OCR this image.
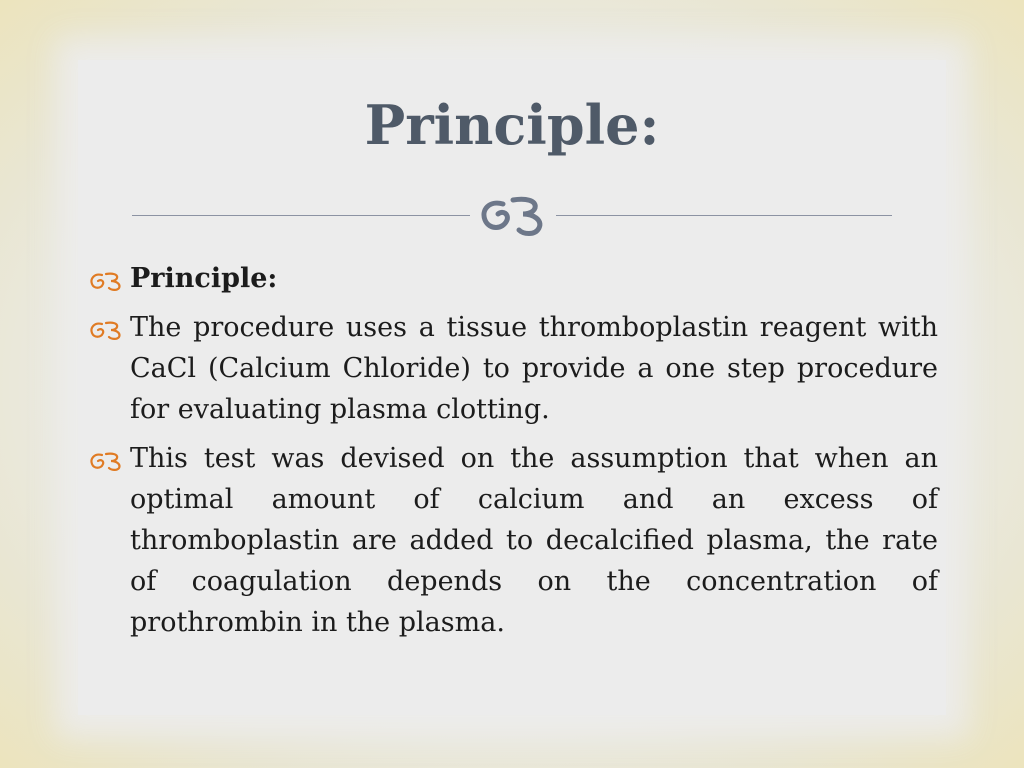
Principle:
Principle:
The procedure uses a tissue thromboplastin reagent with CaCl (Calcium Chloride) to provide a one step procedure for evaluating plasma clotting.
This test was devised on the assumption that when an optimal amount of calcium and an excess of thromboplastin are added to decalcified plasma, the rate of coagulation depends on the concentration of prothrombin in the plasma.
